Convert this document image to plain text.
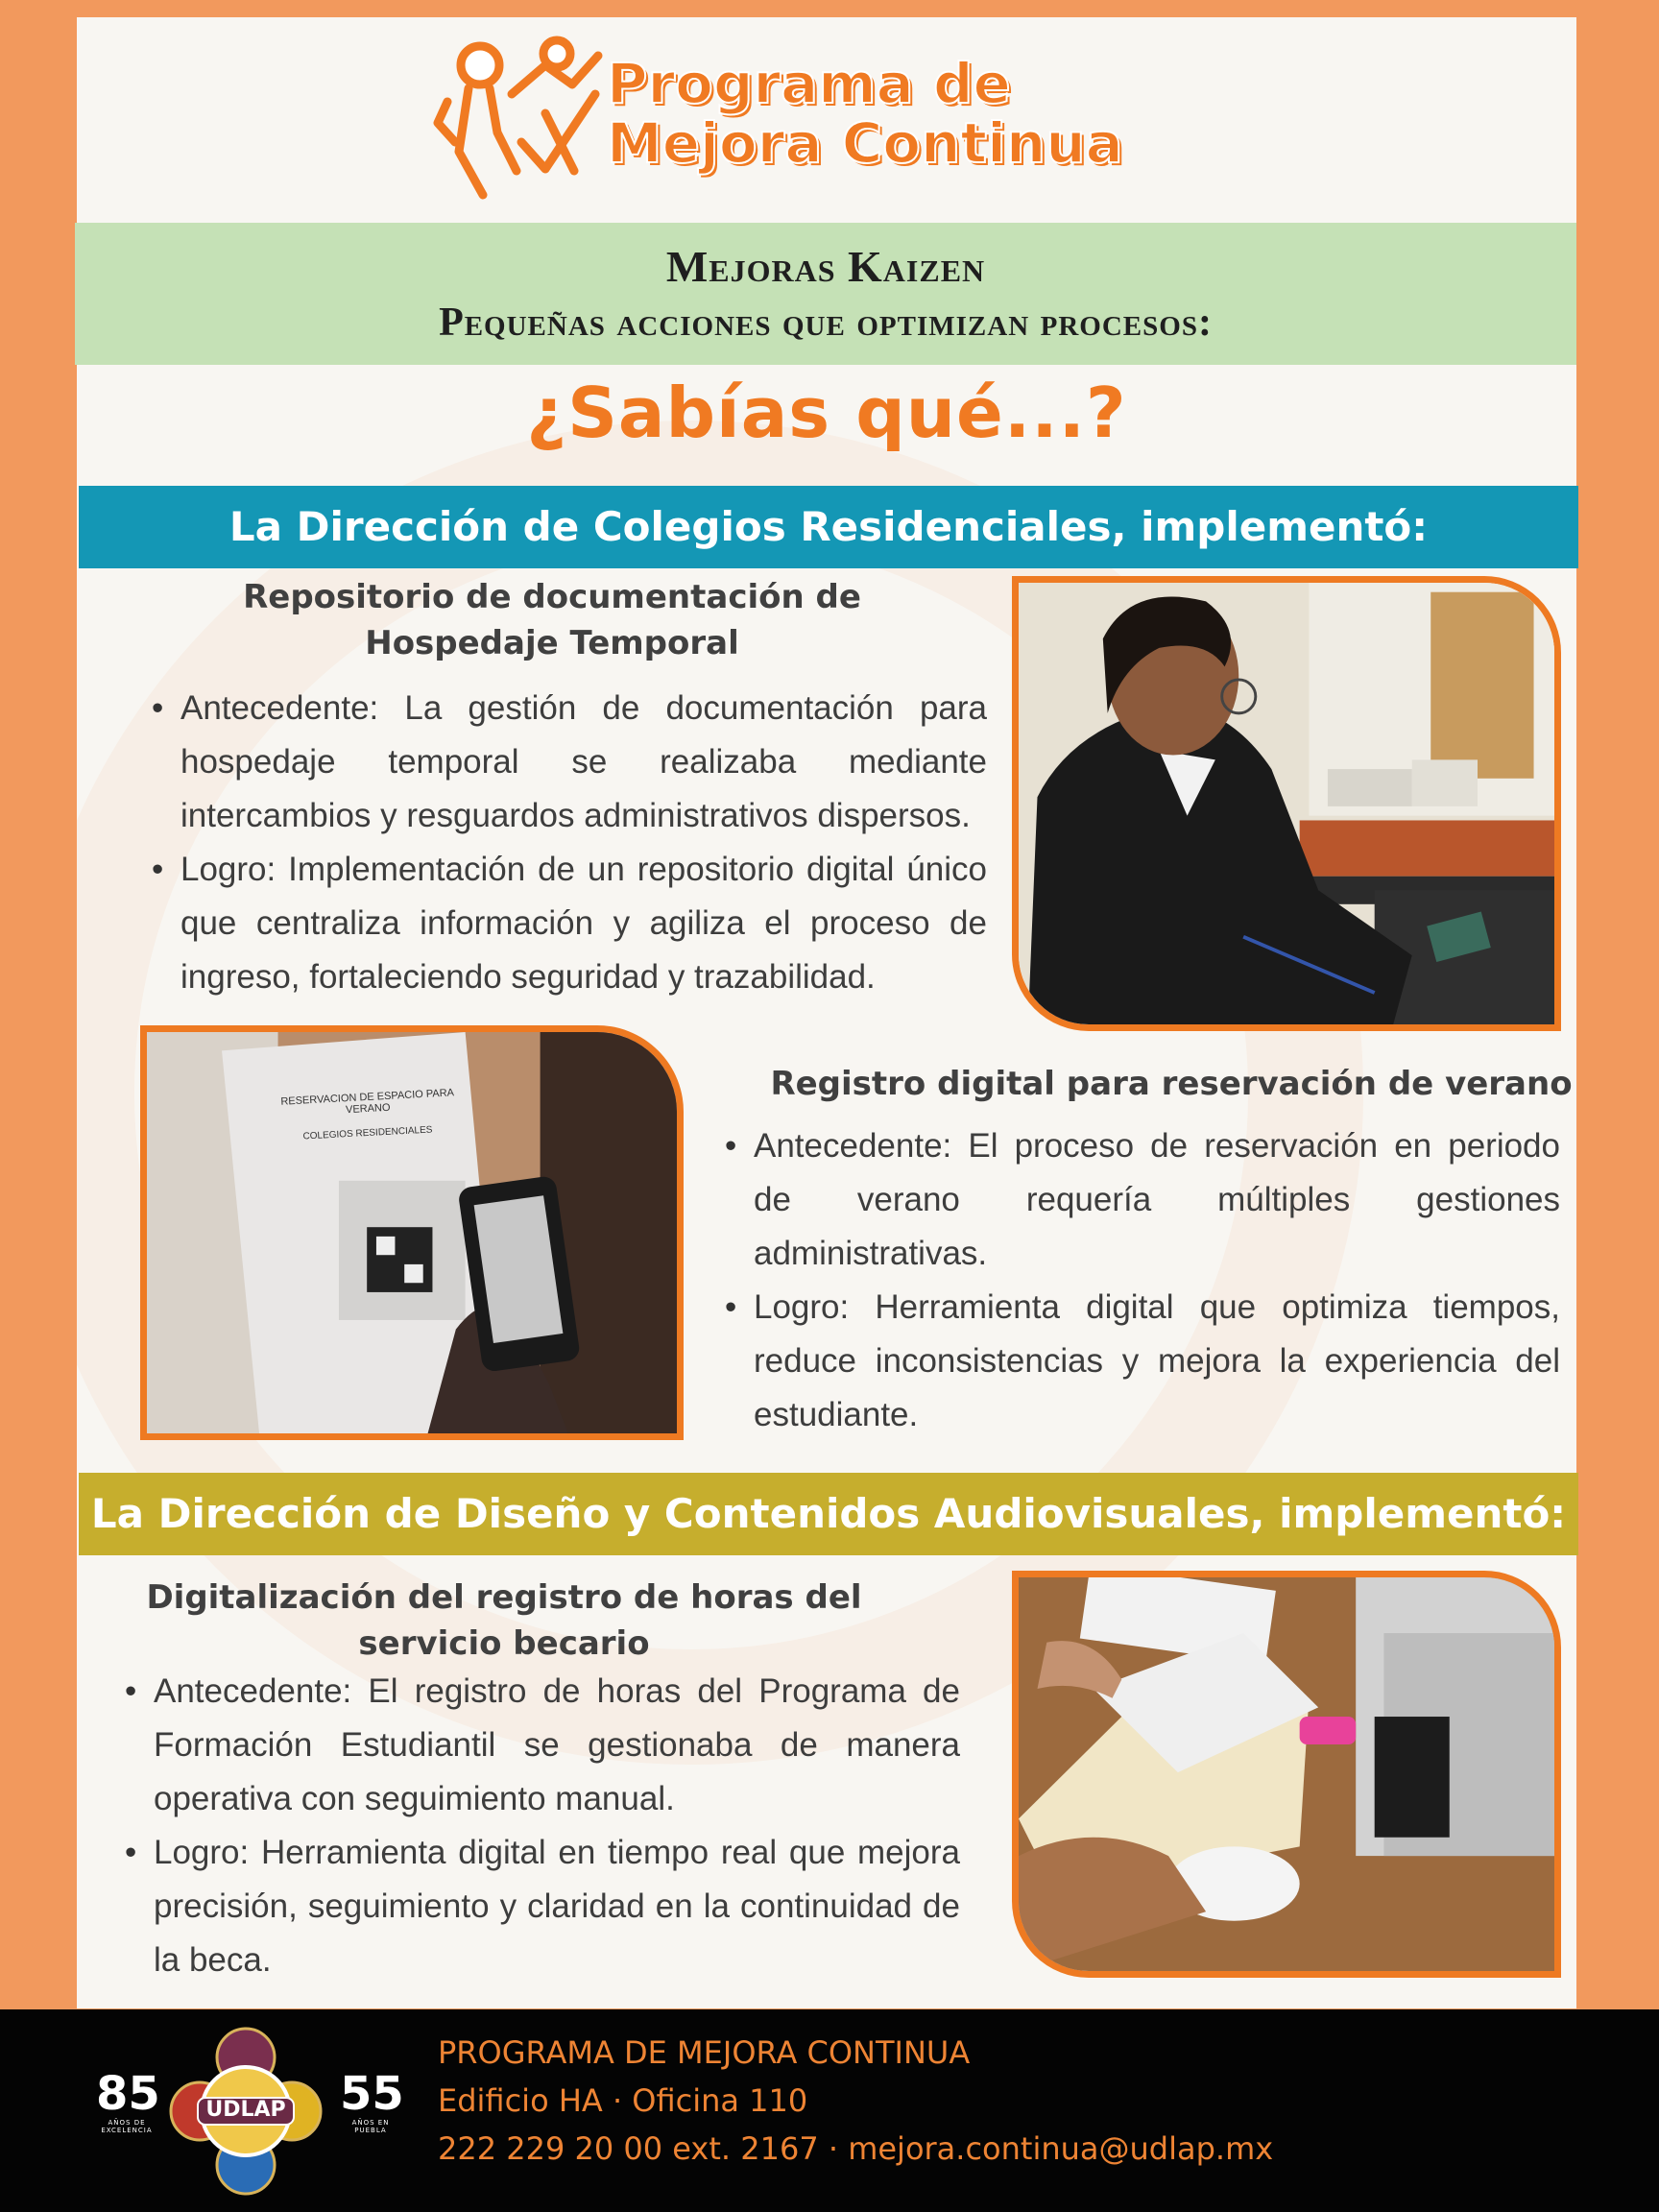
Programa de
Mejora Continua
Mejoras Kaizen
Pequeñas acciones que optimizan procesos:
¿Sabías qué...?
La Dirección de Colegios Residenciales, implementó:
Repositorio de documentación de Hospedaje Temporal
• Antecedente: La gestión de documentación para hospedaje temporal se realizaba mediante intercambios y resguardos administrativos dispersos.
• Logro: Implementación de un repositorio digital único que centraliza información y agiliza el proceso de ingreso, fortaleciendo seguridad y trazabilidad.
RESERVACION DE ESPACIO PARA VERANO
COLEGIOS RESIDENCIALES
Registro digital para reservación de verano
• Antecedente: El proceso de reservación en periodo de verano requería múltiples gestiones administrativas.
• Logro: Herramienta digital que optimiza tiempos, reduce inconsistencias y mejora la experiencia del estudiante.
La Dirección de Diseño y Contenidos Audiovisuales, implementó:
Digitalización del registro de horas del servicio becario
• Antecedente: El registro de horas del Programa de Formación Estudiantil se gestionaba de manera operativa con seguimiento manual.
• Logro: Herramienta digital en tiempo real que mejora precisión, seguimiento y claridad en la continuidad de la beca.
85
AÑOS DE EXCELENCIA
UDLAP 55
AÑOS EN PUEBLA
PROGRAMA DE MEJORA CONTINUA
Edificio HA · Oficina 110
222 229 20 00 ext. 2167 · mejora.continua@udlap.mx
